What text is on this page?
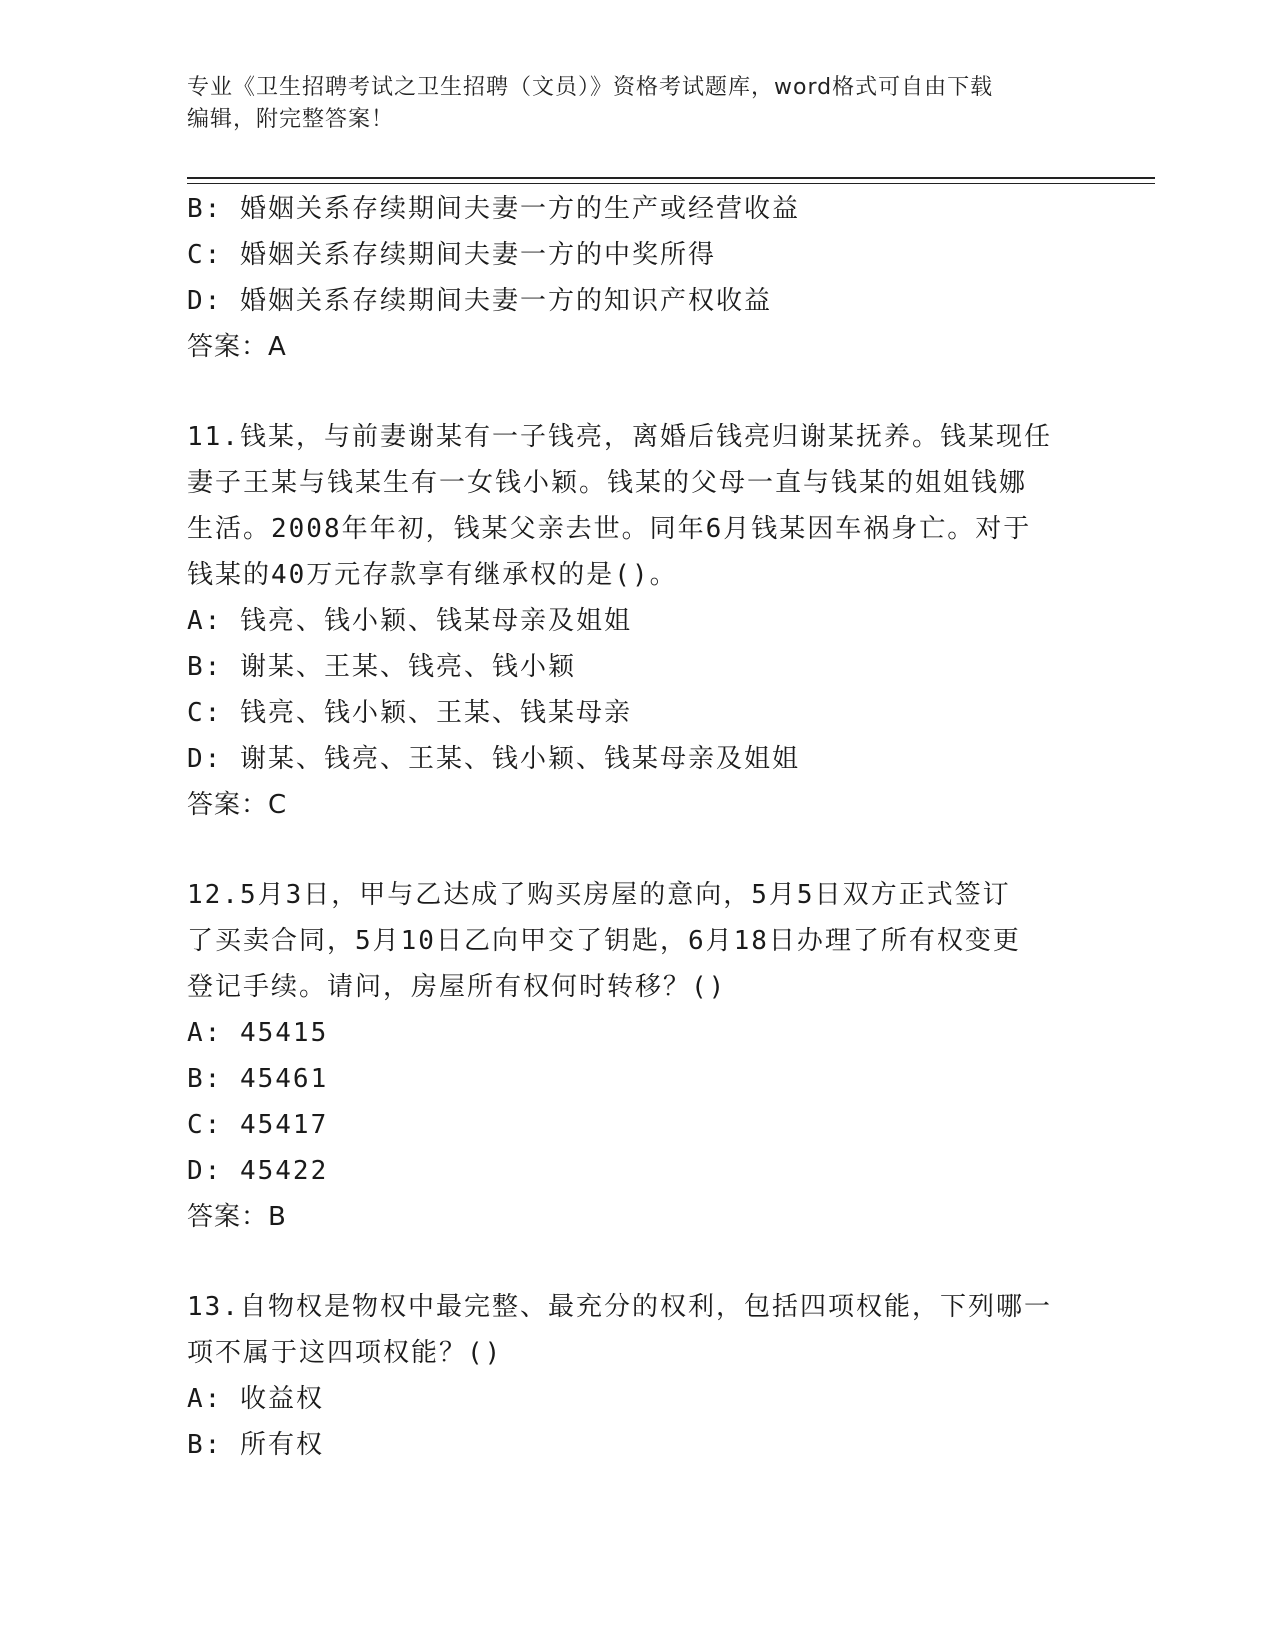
专业《卫生招聘考试之卫生招聘（文员）》资格考试题库，word格式可自由下载
编辑，附完整答案！
B: 婚姻关系存续期间夫妻一方的生产或经营收益
C: 婚姻关系存续期间夫妻一方的中奖所得
D: 婚姻关系存续期间夫妻一方的知识产权收益
答案：A
11.钱某，与前妻谢某有一子钱亮，离婚后钱亮归谢某抚养。钱某现任
妻子王某与钱某生有一女钱小颖。钱某的父母一直与钱某的姐姐钱娜
生活。2008年年初，钱某父亲去世。同年6月钱某因车祸身亡。对于
钱某的40万元存款享有继承权的是()。
A: 钱亮、钱小颖、钱某母亲及姐姐
B: 谢某、王某、钱亮、钱小颖
C: 钱亮、钱小颖、王某、钱某母亲
D: 谢某、钱亮、王某、钱小颖、钱某母亲及姐姐
答案：C
12.5月3日，甲与乙达成了购买房屋的意向，5月5日双方正式签订
了买卖合同，5月10日乙向甲交了钥匙，6月18日办理了所有权变更
登记手续。请问，房屋所有权何时转移？()
A: 45415
B: 45461
C: 45417
D: 45422
答案：B
13.自物权是物权中最完整、最充分的权利，包括四项权能，下列哪一
项不属于这四项权能？()
A: 收益权
B: 所有权
